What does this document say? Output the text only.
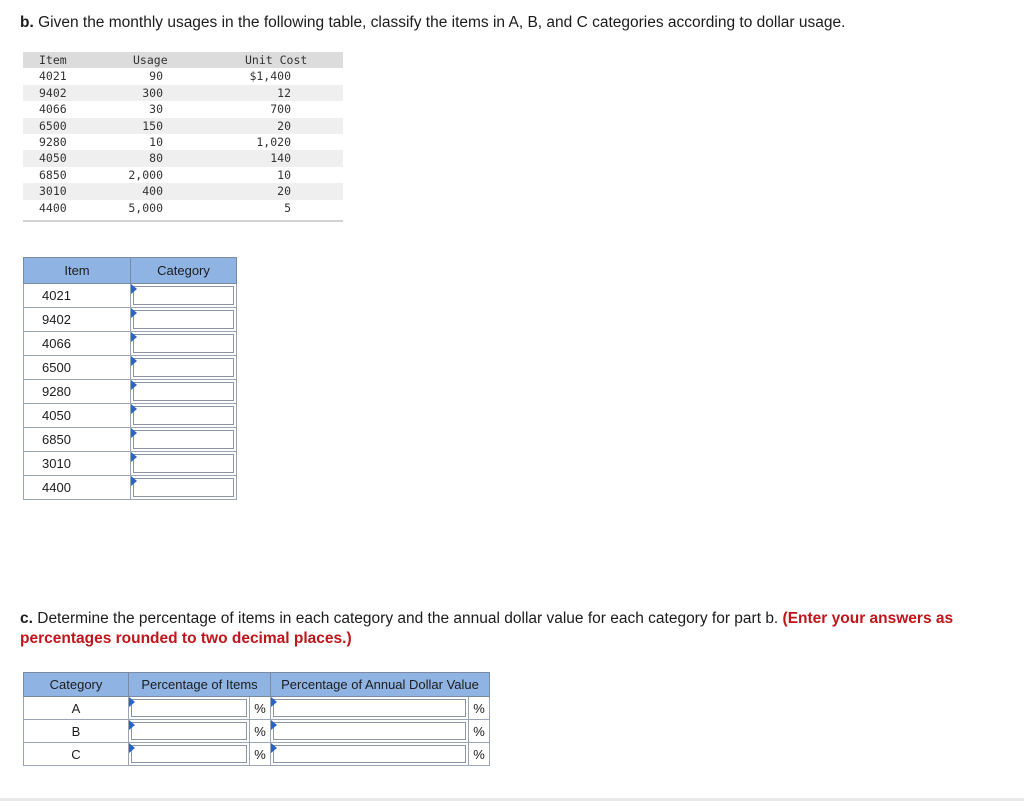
b. Given the monthly usages in the following table, classify the items in A, B, and C categories according to dollar usage.
Item	Usage	Unit Cost
4021	90	$1,400
9402	300	12
4066	30	700
6500	150	20
9280	10	1,020
4050	80	140
6850	2,000	10
3010	400	20
4400	5,000	5
Item	Category
4021	

9402	

4066	

6500	

9280	

4050	

6850	

3010	

4400	
c. Determine the percentage of items in each category and the annual dollar value for each category for part b. (Enter your answers as percentages rounded to two decimal places.)
Category	Percentage of Items		Percentage of Annual Dollar Value	
A		%		%
B		%		%
C		%		%
